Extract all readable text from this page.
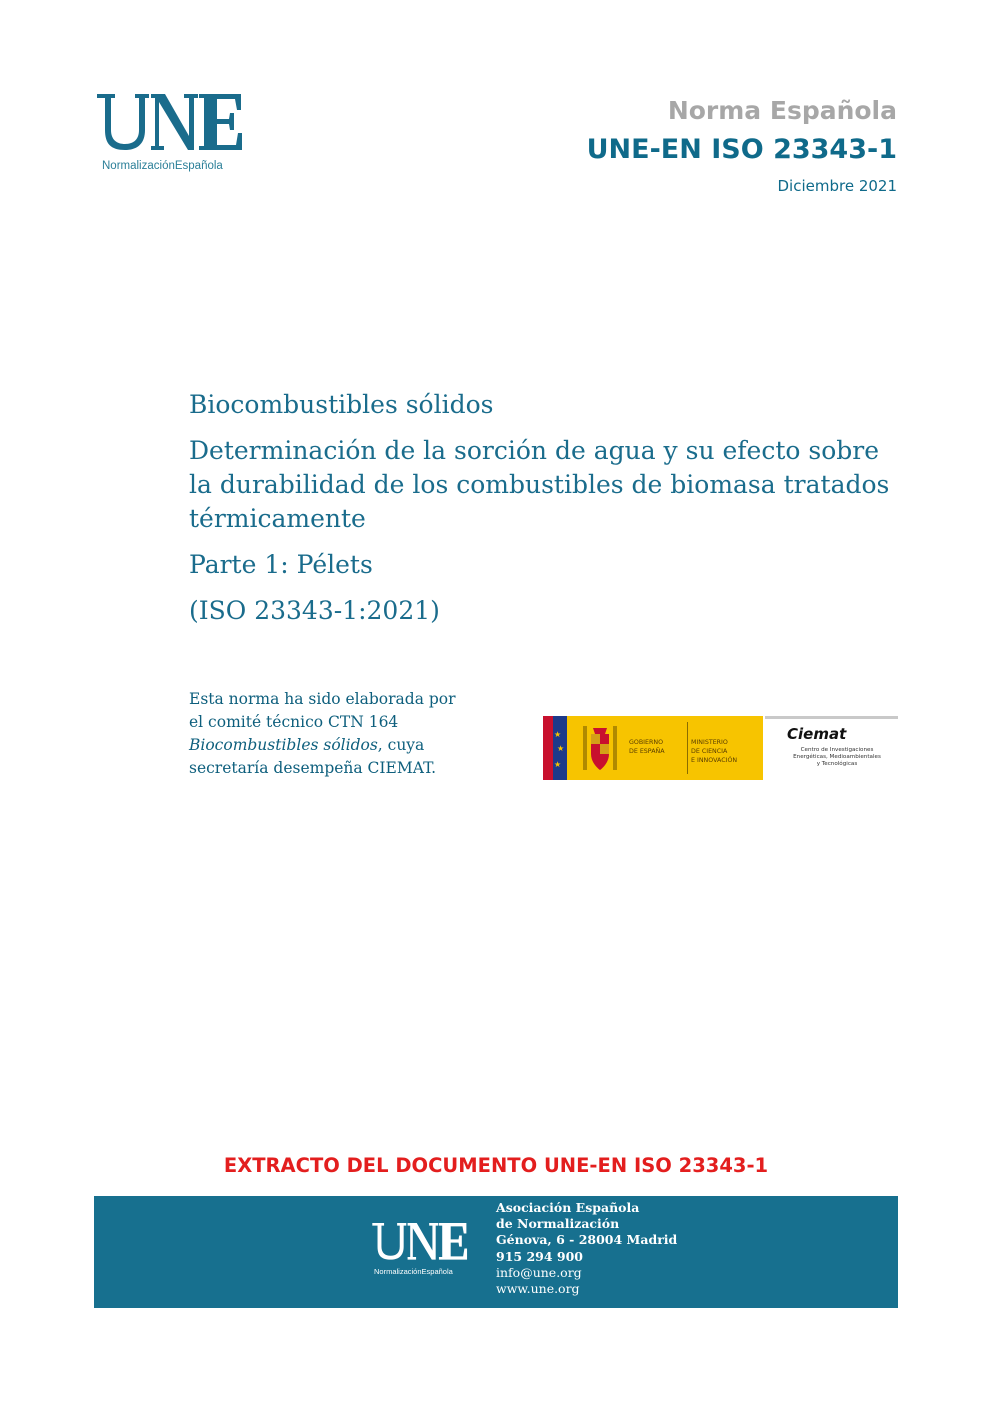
NormalizaciónEspañola
Norma Española
UNE-EN ISO 23343-1
Diciembre 2021
Biocombustibles sólidos
Determinación de la sorción de agua y su efecto sobre la durabilidad de los combustibles de biomasa tratados térmicamente
Parte 1: Pélets
(ISO 23343-1:2021)
Esta norma ha sido elaborada por
el comité técnico CTN 164
Biocombustibles sólidos, cuya
secretaría desempeña CIEMAT.
★
★
★
GOBIERNO
DE ESPAÑA
MINISTERIO
DE CIENCIA
E INNOVACIÓN
Ciemat
Centro de Investigaciones
Energéticas, Medioambientales
y Tecnológicas
EXTRACTO DEL DOCUMENTO UNE-EN ISO 23343-1
NormalizaciónEspañola
Asociación Española
de Normalización
Génova, 6 - 28004 Madrid
915 294 900
info@une.org
www.une.org
